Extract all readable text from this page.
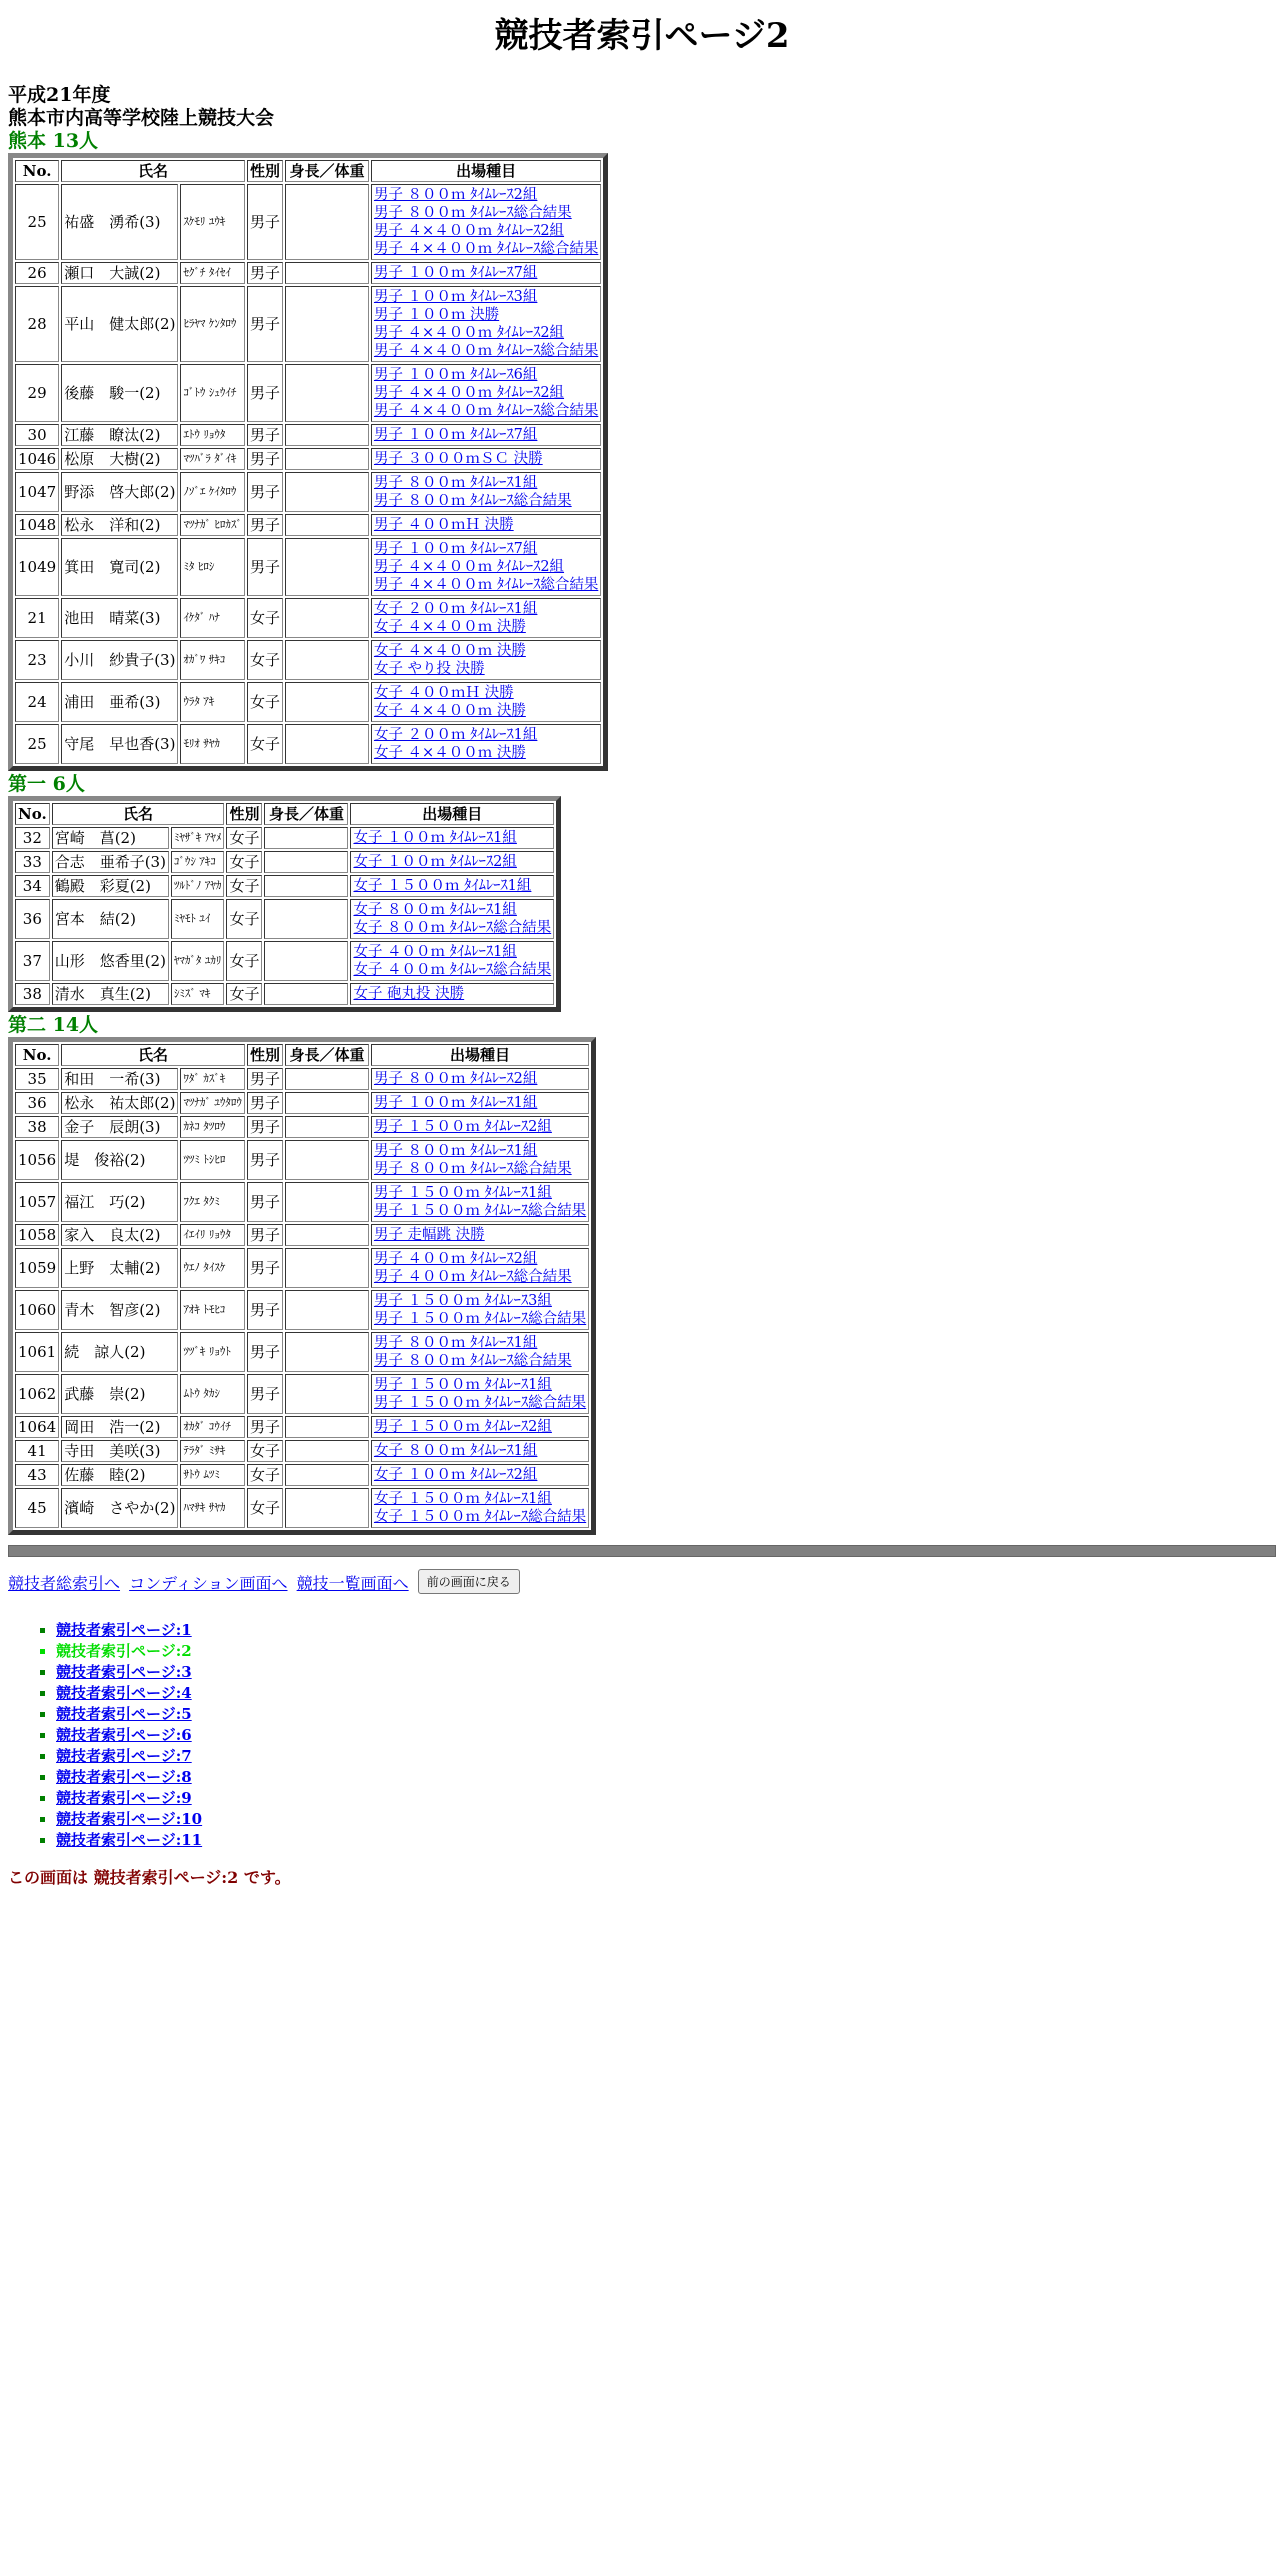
競技者索引ページ2
平成21年度
熊本市内高等学校陸上競技大会
熊本 13人
No.	氏名		性別	身長／体重	出場種目
25	祐盛　湧希(3)	ｽｹﾓﾘ ﾕｳｷ	男子		男子 ８００ｍ ﾀｲﾑﾚｰｽ2組
男子 ８００ｍ ﾀｲﾑﾚｰｽ総合結果
男子 ４×４００ｍ ﾀｲﾑﾚｰｽ2組
男子 ４×４００ｍ ﾀｲﾑﾚｰｽ総合結果

26	瀬口　大誠(2)	ｾｸﾞﾁ ﾀｲｾｲ	男子		男子 １００ｍ ﾀｲﾑﾚｰｽ7組

28	平山　健太郎(2)	ﾋﾗﾔﾏ ｹﾝﾀﾛｳ	男子		男子 １００ｍ ﾀｲﾑﾚｰｽ3組
男子 １００ｍ 決勝
男子 ４×４００ｍ ﾀｲﾑﾚｰｽ2組
男子 ４×４００ｍ ﾀｲﾑﾚｰｽ総合結果

29	後藤　駿一(2)	ｺﾞﾄｳ ｼｭｳｲﾁ	男子		男子 １００ｍ ﾀｲﾑﾚｰｽ6組
男子 ４×４００ｍ ﾀｲﾑﾚｰｽ2組
男子 ４×４００ｍ ﾀｲﾑﾚｰｽ総合結果

30	江藤　瞭汰(2)	ｴﾄｳ ﾘｮｳﾀ	男子		男子 １００ｍ ﾀｲﾑﾚｰｽ7組

1046	松原　大樹(2)	ﾏﾂﾊﾞﾗ ﾀﾞｲｷ	男子		男子 ３０００ｍＳＣ 決勝

1047	野添　啓大郎(2)	ﾉｿﾞｴ ｹｲﾀﾛｳ	男子		男子 ８００ｍ ﾀｲﾑﾚｰｽ1組
男子 ８００ｍ ﾀｲﾑﾚｰｽ総合結果

1048	松永　洋和(2)	ﾏﾂﾅｶﾞ ﾋﾛｶｽﾞ	男子		男子 ４００ｍＨ 決勝

1049	箕田　寛司(2)	ﾐﾀ ﾋﾛｼ	男子		男子 １００ｍ ﾀｲﾑﾚｰｽ7組
男子 ４×４００ｍ ﾀｲﾑﾚｰｽ2組
男子 ４×４００ｍ ﾀｲﾑﾚｰｽ総合結果

21	池田　晴菜(3)	ｲｹﾀﾞ ﾊﾅ	女子		女子 ２００ｍ ﾀｲﾑﾚｰｽ1組
女子 ４×４００ｍ 決勝

23	小川　紗貴子(3)	ｵｶﾞﾜ ｻｷｺ	女子		女子 ４×４００ｍ 決勝
女子 やり投 決勝

24	浦田　亜希(3)	ｳﾗﾀ ｱｷ	女子		女子 ４００ｍＨ 決勝
女子 ４×４００ｍ 決勝

25	守尾　早也香(3)	ﾓﾘｵ ｻﾔｶ	女子		女子 ２００ｍ ﾀｲﾑﾚｰｽ1組
女子 ４×４００ｍ 決勝
第一 6人
No.	氏名		性別	身長／体重	出場種目
32	宮崎　菖(2)	ﾐﾔｻﾞｷ ｱﾔﾒ	女子		女子 １００ｍ ﾀｲﾑﾚｰｽ1組

33	合志　亜希子(3)	ｺﾞｳｼ ｱｷｺ	女子		女子 １００ｍ ﾀｲﾑﾚｰｽ2組

34	鶴殿　彩夏(2)	ﾂﾙﾄﾞﾉ ｱﾔｶ	女子		女子 １５００ｍ ﾀｲﾑﾚｰｽ1組

36	宮本　結(2)	ﾐﾔﾓﾄ ﾕｲ	女子		女子 ８００ｍ ﾀｲﾑﾚｰｽ1組
女子 ８００ｍ ﾀｲﾑﾚｰｽ総合結果

37	山形　悠香里(2)	ﾔﾏｶﾞﾀ ﾕｶﾘ	女子		女子 ４００ｍ ﾀｲﾑﾚｰｽ1組
女子 ４００ｍ ﾀｲﾑﾚｰｽ総合結果

38	清水　真生(2)	ｼﾐｽﾞ ﾏｷ	女子		女子 砲丸投 決勝
第二 14人
No.	氏名		性別	身長／体重	出場種目
35	和田　一希(3)	ﾜﾀﾞ ｶｽﾞｷ	男子		男子 ８００ｍ ﾀｲﾑﾚｰｽ2組

36	松永　祐太郎(2)	ﾏﾂﾅｶﾞ ﾕｳﾀﾛｳ	男子		男子 １００ｍ ﾀｲﾑﾚｰｽ1組

38	金子　辰朗(3)	ｶﾈｺ ﾀﾂﾛｳ	男子		男子 １５００ｍ ﾀｲﾑﾚｰｽ2組

1056	堤　俊裕(2)	ﾂﾂﾐ ﾄｼﾋﾛ	男子		男子 ８００ｍ ﾀｲﾑﾚｰｽ1組
男子 ８００ｍ ﾀｲﾑﾚｰｽ総合結果

1057	福江　巧(2)	ﾌｸｴ ﾀｸﾐ	男子		男子 １５００ｍ ﾀｲﾑﾚｰｽ1組
男子 １５００ｍ ﾀｲﾑﾚｰｽ総合結果

1058	家入　良太(2)	ｲｴｲﾘ ﾘｮｳﾀ	男子		男子 走幅跳 決勝

1059	上野　太輔(2)	ｳｴﾉ ﾀｲｽｹ	男子		男子 ４００ｍ ﾀｲﾑﾚｰｽ2組
男子 ４００ｍ ﾀｲﾑﾚｰｽ総合結果

1060	青木　智彦(2)	ｱｵｷ ﾄﾓﾋｺ	男子		男子 １５００ｍ ﾀｲﾑﾚｰｽ3組
男子 １５００ｍ ﾀｲﾑﾚｰｽ総合結果

1061	続　諒人(2)	ﾂﾂﾞｷ ﾘｮｳﾄ	男子		男子 ８００ｍ ﾀｲﾑﾚｰｽ1組
男子 ８００ｍ ﾀｲﾑﾚｰｽ総合結果

1062	武藤　崇(2)	ﾑﾄｳ ﾀｶｼ	男子		男子 １５００ｍ ﾀｲﾑﾚｰｽ1組
男子 １５００ｍ ﾀｲﾑﾚｰｽ総合結果

1064	岡田　浩一(2)	ｵｶﾀﾞ ｺｳｲﾁ	男子		男子 １５００ｍ ﾀｲﾑﾚｰｽ2組

41	寺田　美咲(3)	ﾃﾗﾀﾞ ﾐｻｷ	女子		女子 ８００ｍ ﾀｲﾑﾚｰｽ1組

43	佐藤　睦(2)	ｻﾄｳ ﾑﾂﾐ	女子		女子 １００ｍ ﾀｲﾑﾚｰｽ2組

45	濱崎　さやか(2)	ﾊﾏｻｷ ｻﾔｶ	女子		女子 １５００ｍ ﾀｲﾑﾚｰｽ1組
女子 １５００ｍ ﾀｲﾑﾚｰｽ総合結果
競技者総索引へ コンディション画面へ 競技一覧画面へ 前の画面に戻る
▪ 競技者索引ページ:1
▪ 競技者索引ページ:2
▪ 競技者索引ページ:3
▪ 競技者索引ページ:4
▪ 競技者索引ページ:5
▪ 競技者索引ページ:6
▪ 競技者索引ページ:7
▪ 競技者索引ページ:8
▪ 競技者索引ページ:9
▪ 競技者索引ページ:10
▪ 競技者索引ページ:11
この画面は 競技者索引ページ:2 です。
